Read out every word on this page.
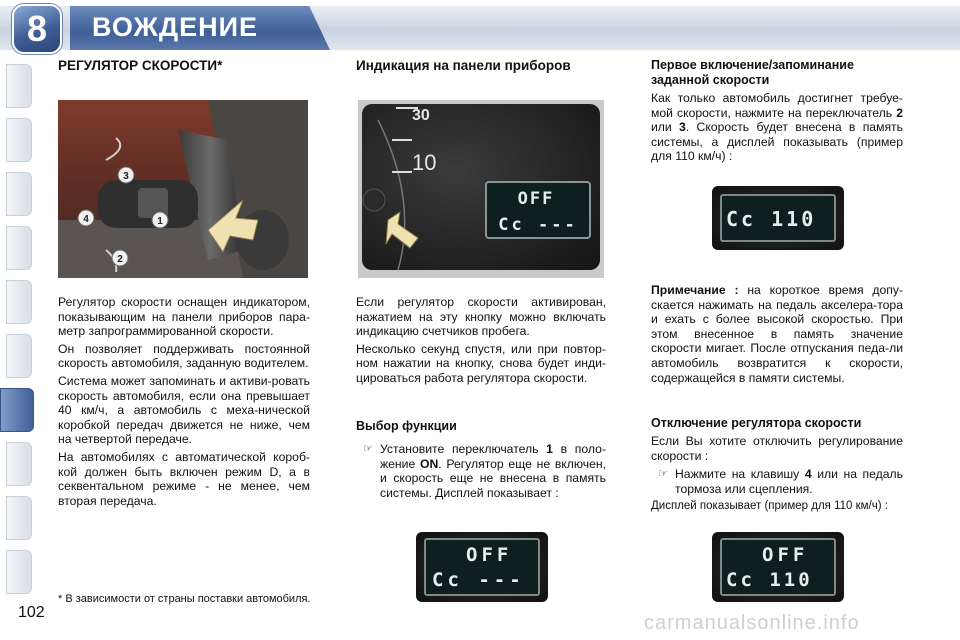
ВОЖДЕНИЕ
8
102
РЕГУЛЯТОР СКОРОСТИ*
3
4	1
2

Регулятор скорости оснащен индикатором, показывающим на панели приборов пара-метр запрограммированной скорости.

Он позволяет поддерживать постоянной скорость автомобиля, заданную водителем.

Система может запоминать и активи-ровать скорость автомобиля, если она превышает 40 км/ч, а автомобиль с меха-нической коробкой передач движется не ниже, чем на четвертой передаче.

На автомобилях с автоматической короб-кой должен быть включен режим D, а в секвентальном режиме - не менее, чем вторая передача.

* В зависимости от страны поставки автомобиля.
Индикация на панели приборов
30
10
OFF
Cc ---

Если регулятор скорости активирован, нажатием на эту кнопку можно включать индикацию счетчиков пробега.

Несколько секунд спустя, или при повтор-ном нажатии на кнопку, снова будет инди-цироваться работа регулятора скорости.

Выбор функции
☞ Установите переключатель 1 в поло-жение ON. Регулятор еще не включен, и скорость еще не внесена в память системы. Дисплей показывает :
OFF
Cc ---
Первое включение/запоминание заданной скорости

Как только автомобиль достигнет требуе-мой скорости, нажмите на переключатель 2 или 3. Скорость будет внесена в память системы, а дисплей показывать (пример для 110 км/ч) :

Cc 110

Примечание : на короткое время допу-скается нажимать на педаль акселера-тора и ехать с более высокой скоростью. При этом внесенное в память значение скорости мигает. После отпускания педа-ли автомобиль возвратится к скорости, содержащейся в памяти системы.

Отключение регулятора скорости

Если Вы хотите отключить регулирование скорости :

☞ Нажмите на клавишу 4 или на педаль тормоза или сцепления.

Дисплей показывает (пример для 110 км/ч) :

OFF
Cc 110
carmanualsonline.info
